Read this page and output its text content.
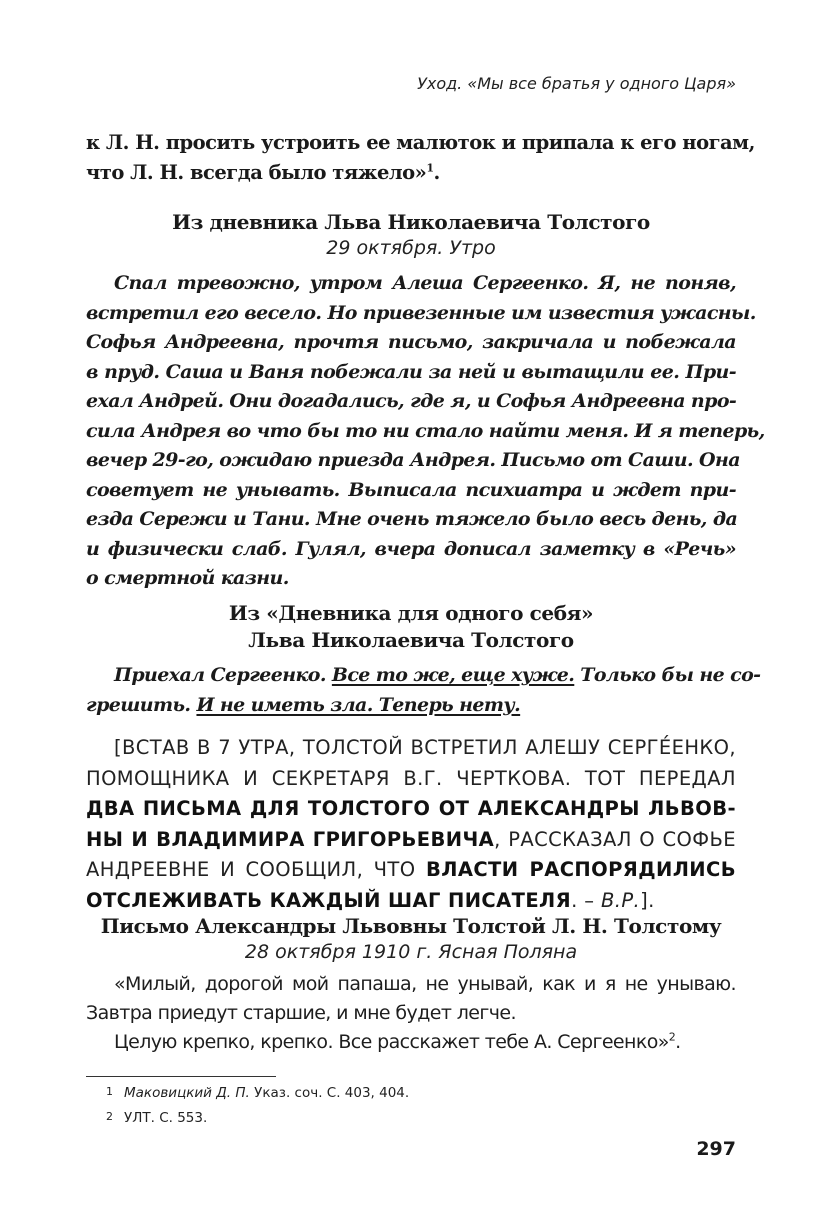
Уход. «Мы все братья у одного Царя»
к Л. Н. просить устроить ее малюток и припала к его ногам,
что Л. Н. всегда было тяжело»$^1$.
Из дневника Льва Николаевича Толстого
29 октября. Утро
Спал тревожно, утром Алеша Сергеенко. Я, не поняв,
встретил его весело. Но привезенные им известия ужасны.
Софья Андреевна, прочтя письмо, закричала и побежала
в пруд. Саша и Ваня побежали за ней и вытащили ее. При-
ехал Андрей. Они догадались, где я, и Софья Андреевна про-
сила Андрея во что бы то ни стало найти меня. И я теперь,
вечер 29-го, ожидаю приезда Андрея. Письмо от Саши. Она
советует не унывать. Выписала психиатра и ждет при-
езда Сережи и Тани. Мне очень тяжело было весь день, да
и физически слаб. Гулял, вчера дописал заметку в «Речь»
о смертной казни.
Из «Дневника для одного себя»
Льва Николаевича Толстого
Приехал Сергеенко. Все то же, еще хуже. Только бы не со-
грешить. И не иметь зла. Теперь нету.
[ВСТАВ В 7 УТРА, ТОЛСТОЙ ВСТРЕТИЛ АЛЕШУ СЕРГЕ́ЕНКО,
ПОМОЩНИКА И СЕКРЕТАРЯ В.Г. ЧЕРТКОВА. ТОТ ПЕРЕДАЛ
ДВА ПИСЬМА ДЛЯ ТОЛСТОГО ОТ АЛЕКСАНДРЫ ЛЬВОВ-
НЫ И ВЛАДИМИРА ГРИГОРЬЕВИЧА, РАССКАЗАЛ О СОФЬЕ
АНДРЕЕВНЕ И СООБЩИЛ, ЧТО ВЛАСТИ РАСПОРЯДИЛИСЬ
ОТСЛЕЖИВАТЬ КАЖДЫЙ ШАГ ПИСАТЕЛЯ. – В.Р.].
Письмо Александры Львовны Толстой Л. Н. Толстому
28 октября 1910 г. Ясная Поляна
«Милый, дорогой мой папаша, не унывай, как и я не унываю.
Завтра приедут старшие, и мне будет легче.
Целую крепко, крепко. Все расскажет тебе А. Сергеенко»$^2$.
1 Маковицкий Д. П. Указ. соч. С. 403, 404.
2 УЛТ. С. 553.
297
